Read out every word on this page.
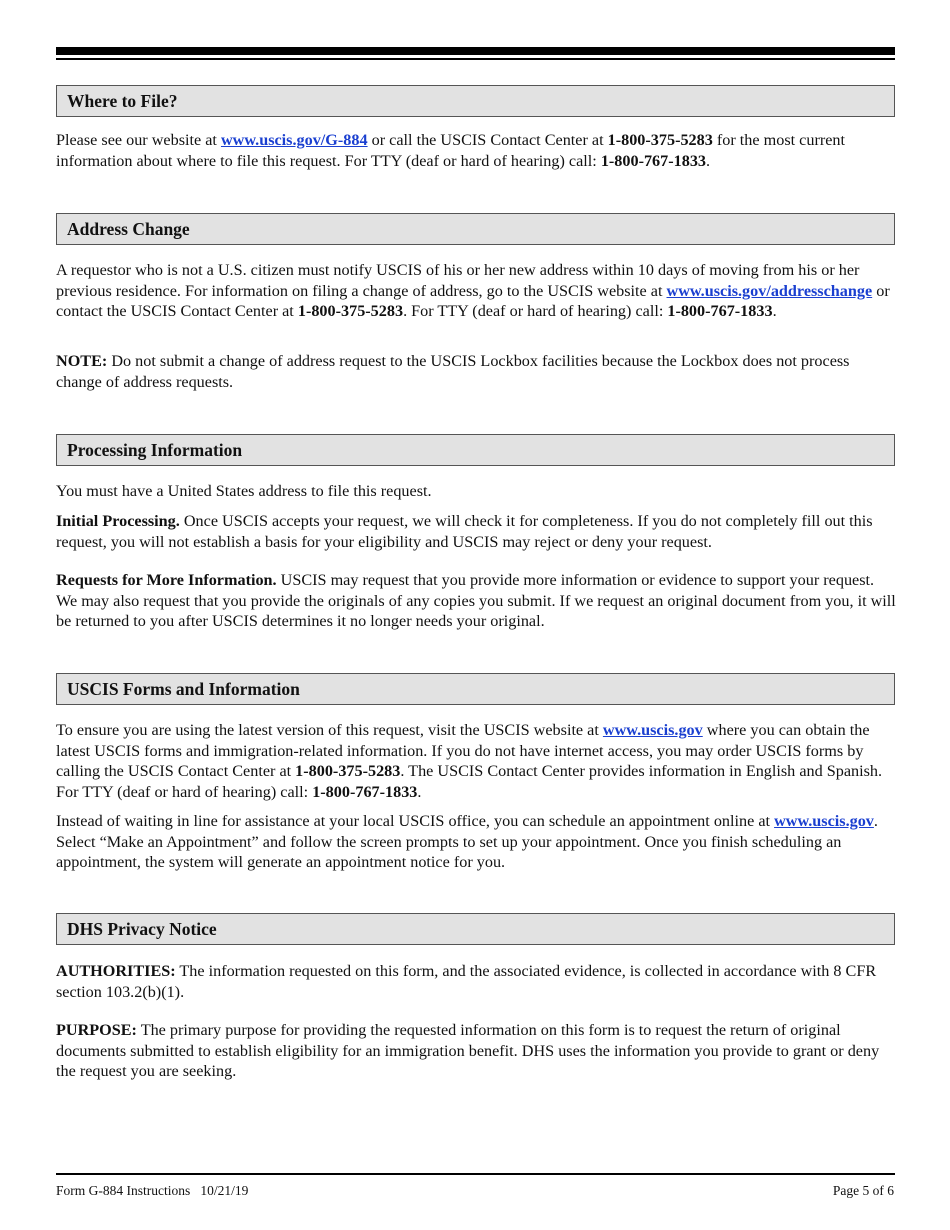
Where to File?

Please see our website at www.uscis.gov/G-884 or call the USCIS Contact Center at 1-800-375-5283 for the most current information about where to file this request. For TTY (deaf or hard of hearing) call: 1-800-767-1833.

Address Change

A requestor who is not a U.S. citizen must notify USCIS of his or her new address within 10 days of moving from his or her previous residence. For information on filing a change of address, go to the USCIS website at www.uscis.gov/addresschange or contact the USCIS Contact Center at 1-800-375-5283. For TTY (deaf or hard of hearing) call: 1-800-767-1833.

NOTE: Do not submit a change of address request to the USCIS Lockbox facilities because the Lockbox does not process change of address requests.

Processing Information

You must have a United States address to file this request.

Initial Processing. Once USCIS accepts your request, we will check it for completeness. If you do not completely fill out this request, you will not establish a basis for your eligibility and USCIS may reject or deny your request.

Requests for More Information. USCIS may request that you provide more information or evidence to support your request. We may also request that you provide the originals of any copies you submit. If we request an original document from you, it will be returned to you after USCIS determines it no longer needs your original.

USCIS Forms and Information

To ensure you are using the latest version of this request, visit the USCIS website at www.uscis.gov where you can obtain the latest USCIS forms and immigration-related information. If you do not have internet access, you may order USCIS forms by calling the USCIS Contact Center at 1-800-375-5283. The USCIS Contact Center provides information in English and Spanish. For TTY (deaf or hard of hearing) call: 1-800-767-1833.

Instead of waiting in line for assistance at your local USCIS office, you can schedule an appointment online at www.uscis.gov. Select “Make an Appointment” and follow the screen prompts to set up your appointment. Once you finish scheduling an appointment, the system will generate an appointment notice for you.

DHS Privacy Notice

AUTHORITIES: The information requested on this form, and the associated evidence, is collected in accordance with 8 CFR section 103.2(b)(1).

PURPOSE: The primary purpose for providing the requested information on this form is to request the return of original documents submitted to establish eligibility for an immigration benefit. DHS uses the information you provide to grant or deny the request you are seeking.

Form G-884 Instructions   10/21/19	Page 5 of 6
